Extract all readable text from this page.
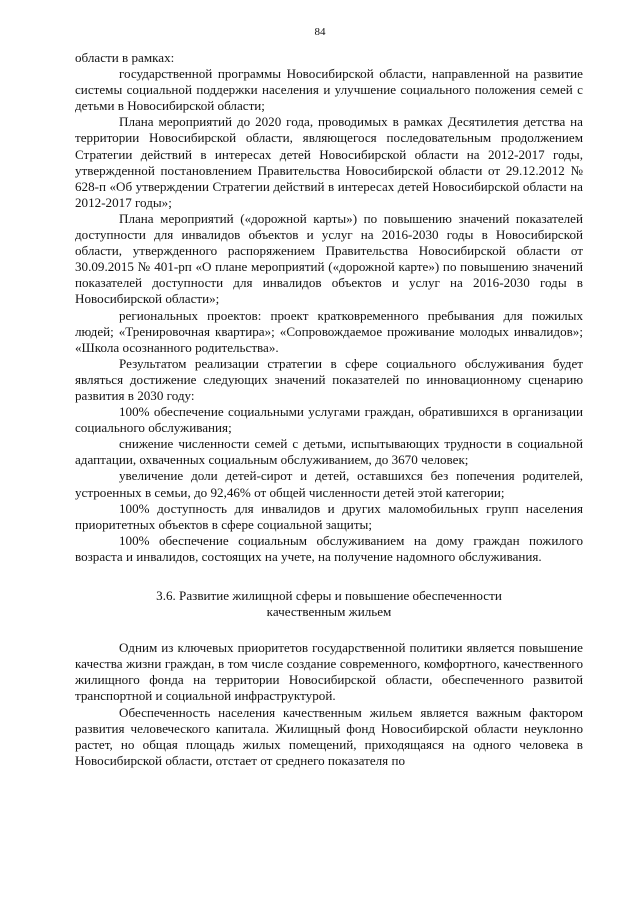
84

области в рамках:

государственной программы Новосибирской области, направленной на развитие системы социальной поддержки населения и улучшение социального положения семей с детьми в Новосибирской области;

Плана мероприятий до 2020 года, проводимых в рамках Десятилетия детства на территории Новосибирской области, являющегося последовательным продолжением Стратегии действий в интересах детей Новосибирской области на 2012-2017 годы, утвержденной постановлением Правительства Новосибирской области от 29.12.2012 № 628-п «Об утверждении Стратегии действий в интересах детей Новосибирской области на 2012-2017 годы»;

Плана мероприятий («дорожной карты») по повышению значений показателей доступности для инвалидов объектов и услуг на 2016-2030 годы в Новосибирской области, утвержденного распоряжением Правительства Новосибирской области от 30.09.2015 № 401-рп «О плане мероприятий («дорожной карте») по повышению значений показателей доступности для инвалидов объектов и услуг на 2016-2030 годы в Новосибирской области»;

региональных проектов: проект кратковременного пребывания для пожилых людей; «Тренировочная квартира»; «Сопровождаемое проживание молодых инвалидов»; «Школа осознанного родительства».

Результатом реализации стратегии в сфере социального обслуживания будет являться достижение следующих значений показателей по инновационному сценарию развития в 2030 году:

100% обеспечение социальными услугами граждан, обратившихся в организации социального обслуживания;

снижение численности семей с детьми, испытывающих трудности в социальной адаптации, охваченных социальным обслуживанием, до 3670 человек;

увеличение доли детей-сирот и детей, оставшихся без попечения родителей, устроенных в семьи, до 92,46% от общей численности детей этой категории;

100% доступность для инвалидов и других маломобильных групп населения приоритетных объектов в сфере социальной защиты;

100% обеспечение социальным обслуживанием на дому граждан пожилого возраста и инвалидов, состоящих на учете, на получение надомного обслуживания.

3.6. Развитие жилищной сферы и повышение обеспеченности
качественным жильем

Одним из ключевых приоритетов государственной политики является повышение качества жизни граждан, в том числе создание современного, комфортного, качественного жилищного фонда на территории Новосибирской области, обеспеченного развитой транспортной и социальной инфраструктурой.

Обеспеченность населения качественным жильем является важным фактором развития человеческого капитала. Жилищный фонд Новосибирской области неуклонно растет, но общая площадь жилых помещений, приходящаяся на одного человека в Новосибирской области, отстает от среднего показателя по
